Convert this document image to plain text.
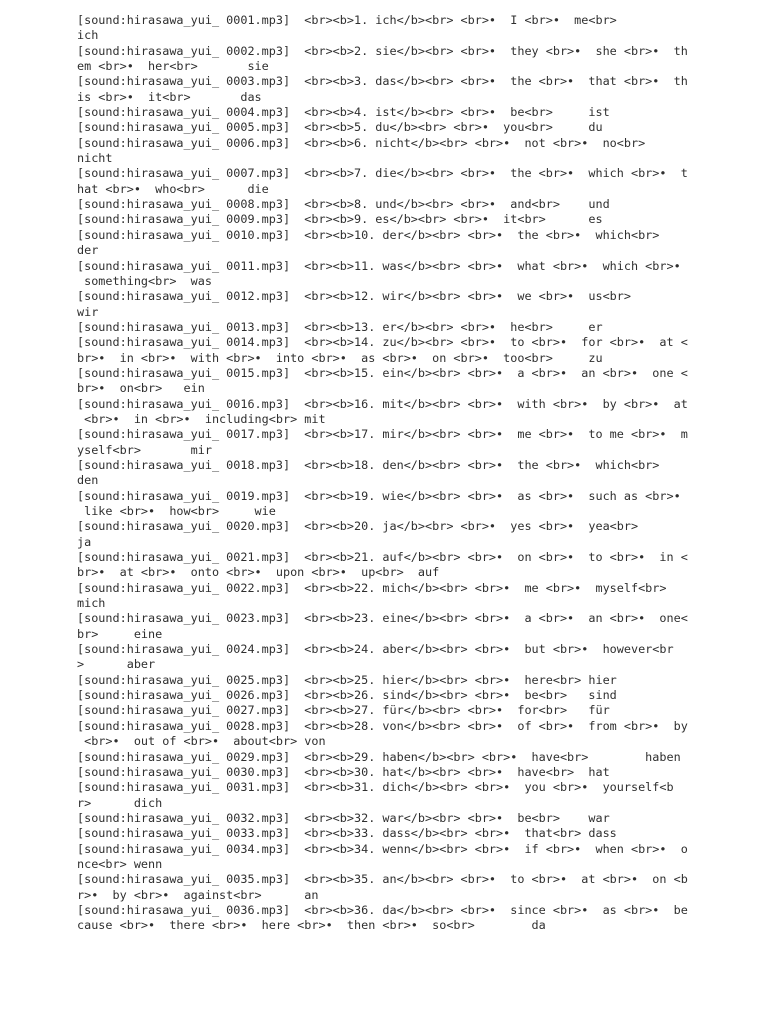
[sound:hirasawa_yui_ 0001.mp3]  <br><b>1. ich</b><br> <br>•  I <br>•  me<br>
ich
[sound:hirasawa_yui_ 0002.mp3]  <br><b>2. sie</b><br> <br>•  they <br>•  she <br>•  th
em <br>•  her<br>       sie
[sound:hirasawa_yui_ 0003.mp3]  <br><b>3. das</b><br> <br>•  the <br>•  that <br>•  th
is <br>•  it<br>       das
[sound:hirasawa_yui_ 0004.mp3]  <br><b>4. ist</b><br> <br>•  be<br>     ist
[sound:hirasawa_yui_ 0005.mp3]  <br><b>5. du</b><br> <br>•  you<br>     du
[sound:hirasawa_yui_ 0006.mp3]  <br><b>6. nicht</b><br> <br>•  not <br>•  no<br>
nicht
[sound:hirasawa_yui_ 0007.mp3]  <br><b>7. die</b><br> <br>•  the <br>•  which <br>•  t
hat <br>•  who<br>      die
[sound:hirasawa_yui_ 0008.mp3]  <br><b>8. und</b><br> <br>•  and<br>    und
[sound:hirasawa_yui_ 0009.mp3]  <br><b>9. es</b><br> <br>•  it<br>      es
[sound:hirasawa_yui_ 0010.mp3]  <br><b>10. der</b><br> <br>•  the <br>•  which<br>
der
[sound:hirasawa_yui_ 0011.mp3]  <br><b>11. was</b><br> <br>•  what <br>•  which <br>•
something<br>  was
[sound:hirasawa_yui_ 0012.mp3]  <br><b>12. wir</b><br> <br>•  we <br>•  us<br>
wir
[sound:hirasawa_yui_ 0013.mp3]  <br><b>13. er</b><br> <br>•  he<br>     er
[sound:hirasawa_yui_ 0014.mp3]  <br><b>14. zu</b><br> <br>•  to <br>•  for <br>•  at <
br>•  in <br>•  with <br>•  into <br>•  as <br>•  on <br>•  too<br>     zu
[sound:hirasawa_yui_ 0015.mp3]  <br><b>15. ein</b><br> <br>•  a <br>•  an <br>•  one <
br>•  on<br>   ein
[sound:hirasawa_yui_ 0016.mp3]  <br><b>16. mit</b><br> <br>•  with <br>•  by <br>•  at
<br>•  in <br>•  including<br> mit
[sound:hirasawa_yui_ 0017.mp3]  <br><b>17. mir</b><br> <br>•  me <br>•  to me <br>•  m
yself<br>       mir
[sound:hirasawa_yui_ 0018.mp3]  <br><b>18. den</b><br> <br>•  the <br>•  which<br>
den
[sound:hirasawa_yui_ 0019.mp3]  <br><b>19. wie</b><br> <br>•  as <br>•  such as <br>•
like <br>•  how<br>     wie
[sound:hirasawa_yui_ 0020.mp3]  <br><b>20. ja</b><br> <br>•  yes <br>•  yea<br>
ja
[sound:hirasawa_yui_ 0021.mp3]  <br><b>21. auf</b><br> <br>•  on <br>•  to <br>•  in <
br>•  at <br>•  onto <br>•  upon <br>•  up<br>  auf
[sound:hirasawa_yui_ 0022.mp3]  <br><b>22. mich</b><br> <br>•  me <br>•  myself<br>
mich
[sound:hirasawa_yui_ 0023.mp3]  <br><b>23. eine</b><br> <br>•  a <br>•  an <br>•  one<
br>     eine
[sound:hirasawa_yui_ 0024.mp3]  <br><b>24. aber</b><br> <br>•  but <br>•  however<br
>      aber
[sound:hirasawa_yui_ 0025.mp3]  <br><b>25. hier</b><br> <br>•  here<br> hier
[sound:hirasawa_yui_ 0026.mp3]  <br><b>26. sind</b><br> <br>•  be<br>   sind
[sound:hirasawa_yui_ 0027.mp3]  <br><b>27. für</b><br> <br>•  for<br>   für
[sound:hirasawa_yui_ 0028.mp3]  <br><b>28. von</b><br> <br>•  of <br>•  from <br>•  by
<br>•  out of <br>•  about<br> von
[sound:hirasawa_yui_ 0029.mp3]  <br><b>29. haben</b><br> <br>•  have<br>        haben
[sound:hirasawa_yui_ 0030.mp3]  <br><b>30. hat</b><br> <br>•  have<br>  hat
[sound:hirasawa_yui_ 0031.mp3]  <br><b>31. dich</b><br> <br>•  you <br>•  yourself<b
r>      dich
[sound:hirasawa_yui_ 0032.mp3]  <br><b>32. war</b><br> <br>•  be<br>    war
[sound:hirasawa_yui_ 0033.mp3]  <br><b>33. dass</b><br> <br>•  that<br> dass
[sound:hirasawa_yui_ 0034.mp3]  <br><b>34. wenn</b><br> <br>•  if <br>•  when <br>•  o
nce<br> wenn
[sound:hirasawa_yui_ 0035.mp3]  <br><b>35. an</b><br> <br>•  to <br>•  at <br>•  on <b
r>•  by <br>•  against<br>      an
[sound:hirasawa_yui_ 0036.mp3]  <br><b>36. da</b><br> <br>•  since <br>•  as <br>•  be
cause <br>•  there <br>•  here <br>•  then <br>•  so<br>        da
